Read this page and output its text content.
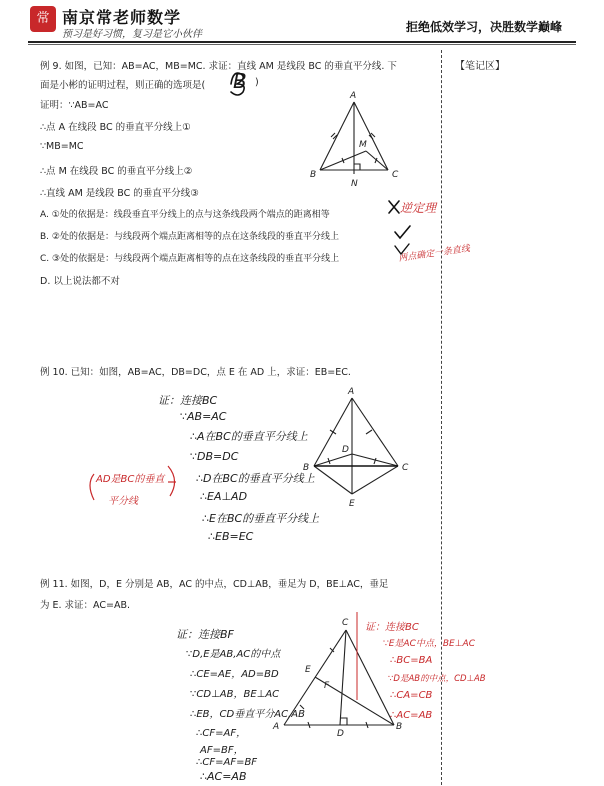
常 南京常老师数学
预习是好习惯，复习是它小伙伴
拒绝低效学习，决胜数学巅峰
【笔记区】
例 9. 如图，已知：AB=AC，MB=MC. 求证：直线 AM 是线段 BC 的垂直平分线. 下
面是小彬的证明过程，则正确的选项是( B )
证明：∵AB=AC
∴点 A 在线段 BC 的垂直平分线上①
∵MB=MC
∴点 M 在线段 BC 的垂直平分线上②
∴直线 AM 是线段 BC 的垂直平分线③
A. ①处的依据是：线段垂直平分线上的点与这条线段两个端点的距离相等
B. ②处的依据是：与线段两个端点距离相等的点在这条线段的垂直平分线上
C. ③处的依据是：与线段两个端点距离相等的点在这条线段的垂直平分线上
D. 以上说法都不对
逆定理
两点确定一条直线
例 10. 已知：如图，AB=AC，DB=DC，点 E 在 AD 上，求证：EB=EC.
证：连接BC
∵AB=AC
∴A在BC的垂直平分线上
∵DB=DC
∴D在BC的垂直平分线上
∴EA⊥AD
∴E在BC的垂直平分线上
∴EB=EC
AD是BC的垂直
平分线
例 11. 如图，D，E 分别是 AB，AC 的中点，CD⊥AB，垂足为 D，BE⊥AC，垂足
为 E. 求证：AC=AB.
证：连接BF
∵D,E是AB,AC的中点
∴CE=AE，AD=BD
∵CD⊥AB，BE⊥AC
∴EB，CD垂直平分AC,AB
∴CF=AF，
AF=BF，
∴CF=AF=BF
∴AC=AB
证：连接BC
∵E是AC中点，BE⊥AC
∴BC=BA
∵D是AB的中点，CD⊥AB
∴CA=CB
∴AC=AB
A
B	C
M
N
A
B	C
D
E
C
A	B
D
E
F
